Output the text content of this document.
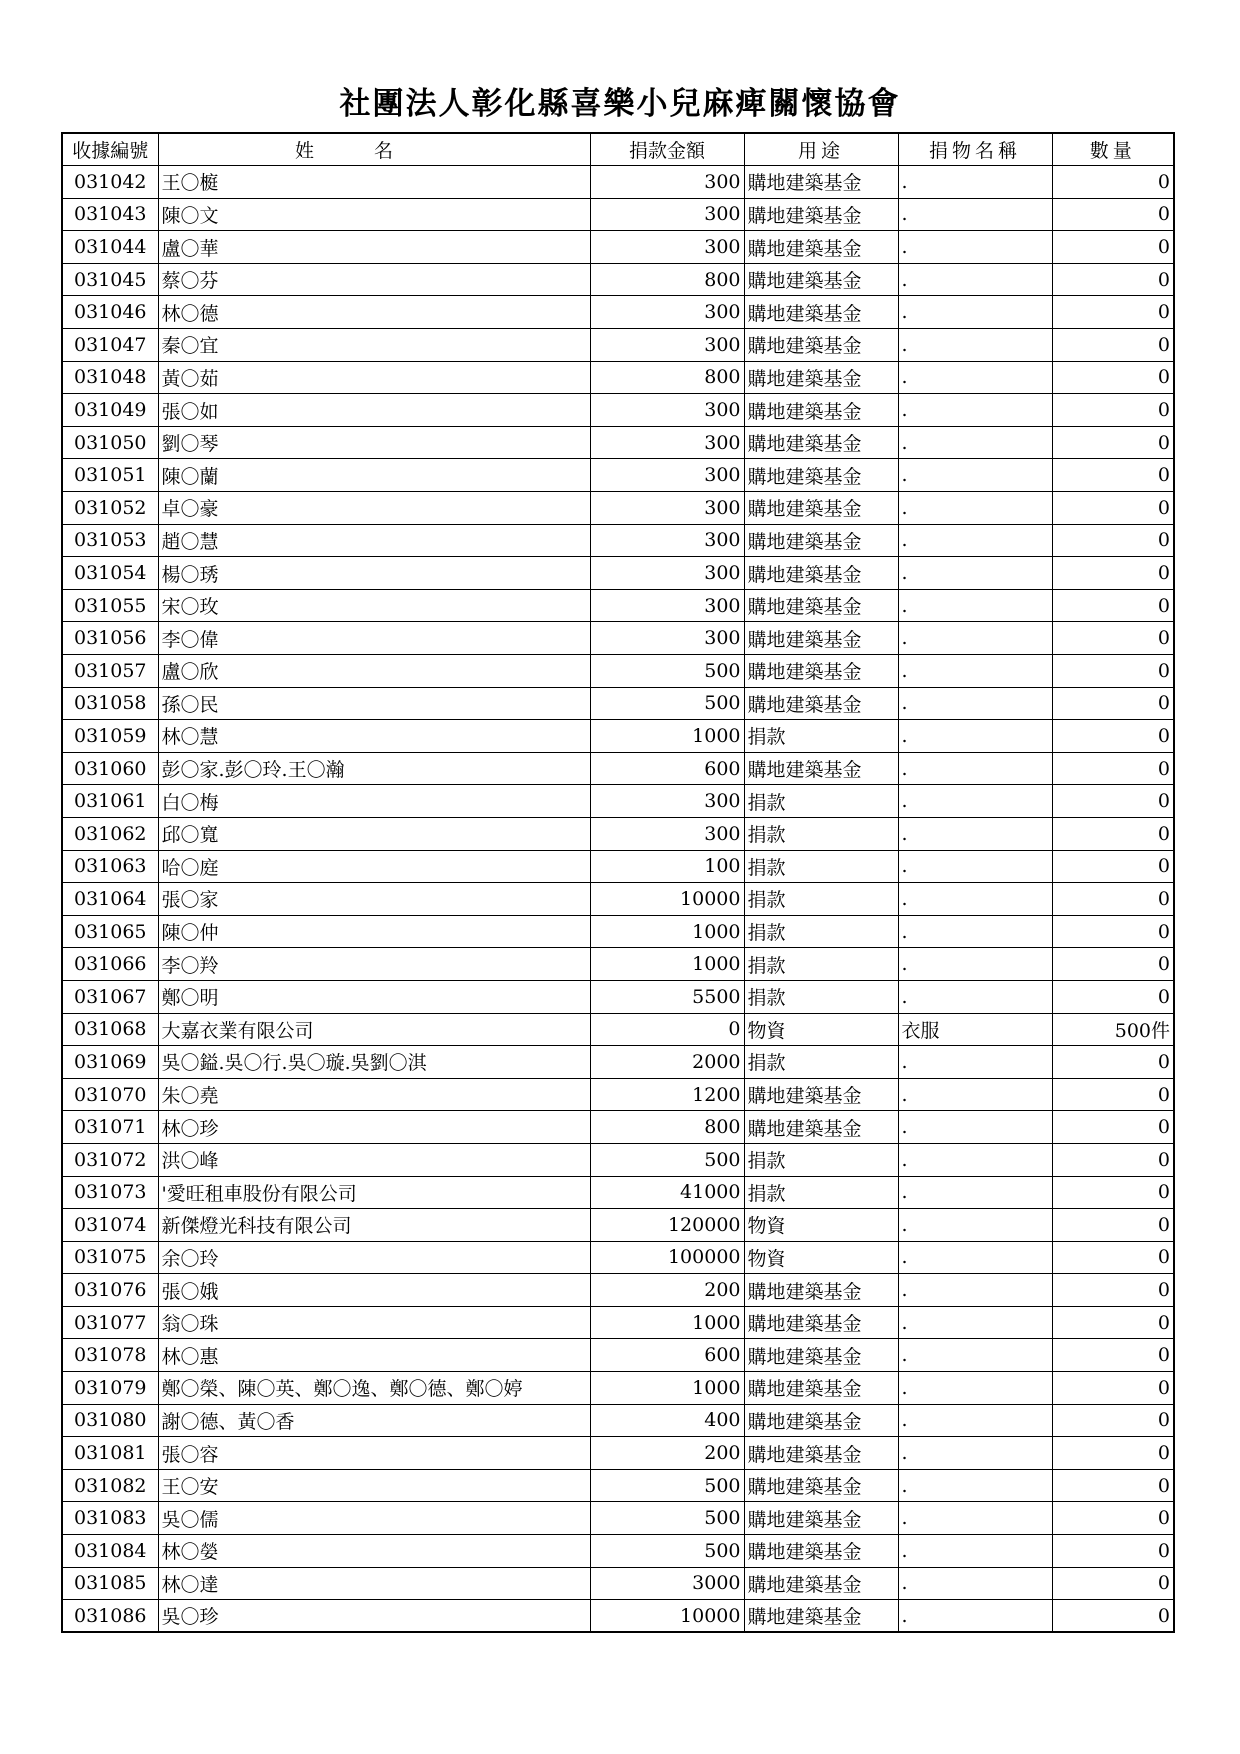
社團法人彰化縣喜樂小兒麻痺關懷協會
收據編號	姓名	捐款金額	用途	捐物名稱	數量
031042	王〇榳	300	購地建築基金	.	0
031043	陳〇文	300	購地建築基金	.	0
031044	盧〇華	300	購地建築基金	.	0
031045	蔡〇芬	800	購地建築基金	.	0
031046	林〇德	300	購地建築基金	.	0
031047	秦〇宜	300	購地建築基金	.	0
031048	黃〇茹	800	購地建築基金	.	0
031049	張〇如	300	購地建築基金	.	0
031050	劉〇琴	300	購地建築基金	.	0
031051	陳〇蘭	300	購地建築基金	.	0
031052	卓〇豪	300	購地建築基金	.	0
031053	趙〇慧	300	購地建築基金	.	0
031054	楊〇琇	300	購地建築基金	.	0
031055	宋〇玫	300	購地建築基金	.	0
031056	李〇偉	300	購地建築基金	.	0
031057	盧〇欣	500	購地建築基金	.	0
031058	孫〇民	500	購地建築基金	.	0
031059	林〇慧	1000	捐款	.	0
031060	彭〇家.彭〇玲.王〇瀚	600	購地建築基金	.	0
031061	白〇梅	300	捐款	.	0
031062	邱〇寬	300	捐款	.	0
031063	哈〇庭	100	捐款	.	0
031064	張〇家	10000	捐款	.	0
031065	陳〇仲	1000	捐款	.	0
031066	李〇羚	1000	捐款	.	0
031067	鄭〇明	5500	捐款	.	0
031068	大嘉衣業有限公司	0	物資	衣服	500件
031069	吳〇鎰.吳〇行.吳〇璇.吳劉〇淇	2000	捐款	.	0
031070	朱〇堯	1200	購地建築基金	.	0
031071	林〇珍	800	購地建築基金	.	0
031072	洪〇峰	500	捐款	.	0
031073	'愛旺租車股份有限公司	41000	捐款	.	0
031074	新傑燈光科技有限公司	120000	物資	.	0
031075	余〇玲	100000	物資	.	0
031076	張〇娥	200	購地建築基金	.	0
031077	翁〇珠	1000	購地建築基金	.	0
031078	林〇惠	600	購地建築基金	.	0
031079	鄭〇榮、陳〇英、鄭〇逸、鄭〇德、鄭〇婷	1000	購地建築基金	.	0
031080	謝〇德、黃〇香	400	購地建築基金	.	0
031081	張〇容	200	購地建築基金	.	0
031082	王〇安	500	購地建築基金	.	0
031083	吳〇儒	500	購地建築基金	.	0
031084	林〇嫈	500	購地建築基金	.	0
031085	林〇達	3000	購地建築基金	.	0
031086	吳〇珍	10000	購地建築基金	.	0
